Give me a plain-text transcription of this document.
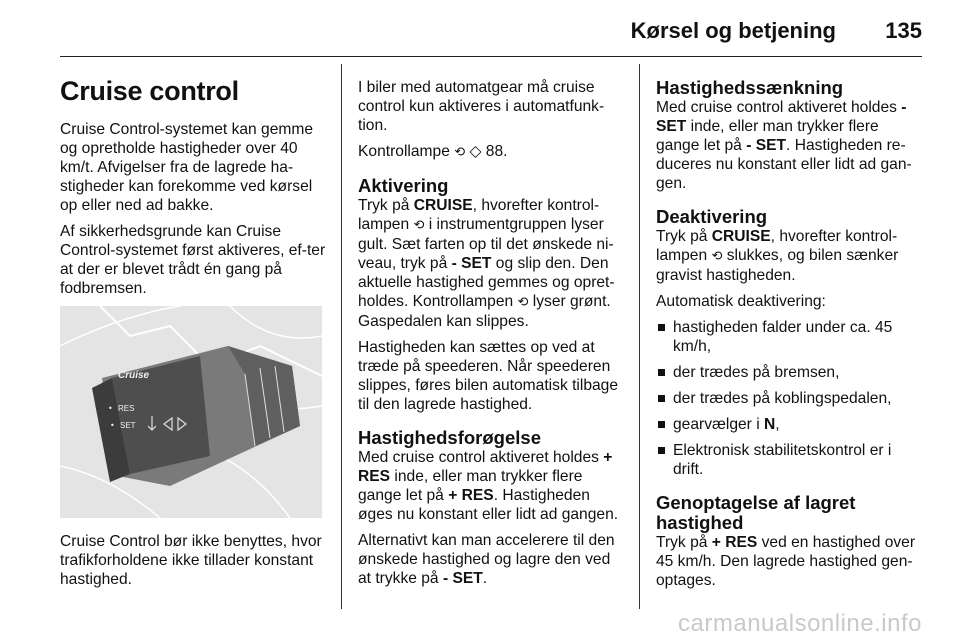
Kørsel og betjening 135
Cruise control

Cruise Control-systemet kan gemme og opretholde hastigheder over 40 km/t. Afvigelser fra de lagrede ha-stigheder kan forekomme ved kørsel op eller ned ad bakke.

Af sikkerhedsgrunde kan Cruise Control-systemet først aktiveres, ef-ter at der er blevet trådt én gang på fodbremsen.

Cruise
RES
SET
•
•

Cruise Control bør ikke benyttes, hvor trafikforholdene ikke tillader konstant hastighed.

I biler med automatgear må cruise control kun aktiveres i automatfunk-tion.

Kontrollampe ⟲ ◇ 88.

Aktivering

Tryk på CRUISE, hvorefter kontrol-lampen ⟲ i instrumentgruppen lyser gult. Sæt farten op til det ønskede ni-veau, tryk på - SET og slip den. Den aktuelle hastighed gemmes og opret-holdes. Kontrollampen ⟲ lyser grønt. Gaspedalen kan slippes.

Hastigheden kan sættes op ved at træde på speederen. Når speederen slippes, føres bilen automatisk tilbage til den lagrede hastighed.

Hastighedsforøgelse

Med cruise control aktiveret holdes + RES inde, eller man trykker flere gange let på + RES. Hastigheden øges nu konstant eller lidt ad gangen.

Alternativt kan man accelerere til den ønskede hastighed og lagre den ved at trykke på - SET.

Hastighedssænkning

Med cruise control aktiveret holdes - SET inde, eller man trykker flere gange let på - SET. Hastigheden re-duceres nu konstant eller lidt ad gan-gen.

Deaktivering

Tryk på CRUISE, hvorefter kontrol-lampen ⟲ slukkes, og bilen sænker gravist hastigheden.

Automatisk deaktivering:

hastigheden falder under ca. 45 km/h,
der trædes på bremsen,
der trædes på koblingspedalen,
gearvælger i N,
Elektronisk stabilitetskontrol er i drift.
Genoptagelse af lagret hastighed

Tryk på + RES ved en hastighed over 45 km/h. Den lagrede hastighed gen-optages.

carmanualsonline.info
